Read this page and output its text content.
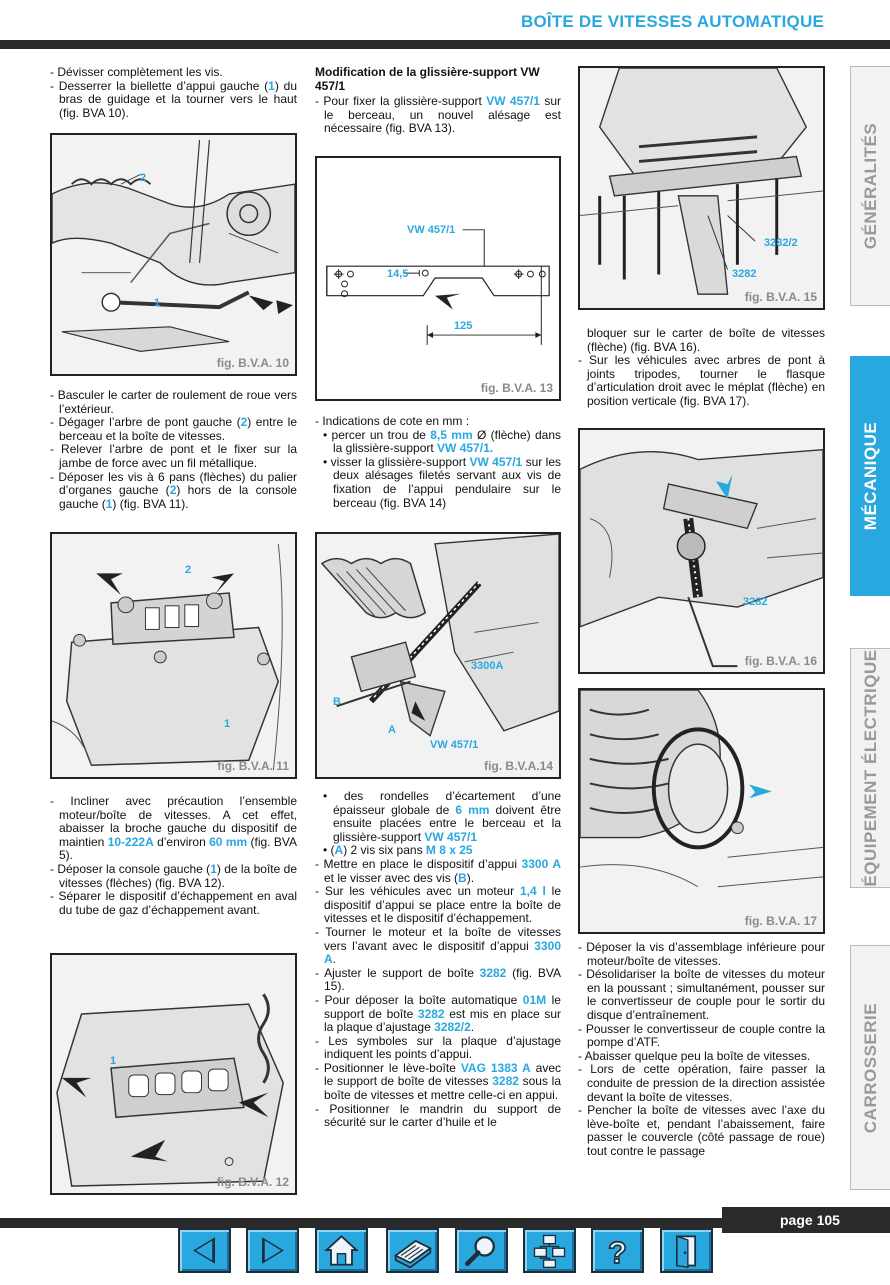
BOÎTE DE VITESSES AUTOMATIQUE

- Dévisser complètement les vis.

- Desserrer la biellette d’appui gauche (1) du bras de guidage et la tourner vers le haut (fig. BVA 10).

2
1
fig. B.V.A. 10

- Basculer le carter de roulement de roue vers l’extérieur.

- Dégager l’arbre de pont gauche (2) entre le berceau et la boîte de vitesses.

- Relever l’arbre de pont et le fixer sur la jambe de force avec un fil métallique.

- Déposer les vis à 6 pans (flèches) du palier d’organes gauche (2) hors de la console gauche (1) (fig. BVA 11).

2
1
fig. B.V.A. 11

- Incliner avec précaution l’ensemble moteur/boîte de vitesses. A cet effet, abaisser la broche gauche du dispositif de maintien 10-222A d’environ 60 mm (fig. BVA 5).

- Déposer la console gauche (1) de la boîte de vitesses (flèches) (fig. BVA 12).

- Séparer le dispositif d’échappement en aval du tube de gaz d’échappement avant.

1
fig. B.V.A. 12

Modification de la glissière-support VW 457/1

- Pour fixer la glissière-support VW 457/1 sur le berceau, un nouvel alésage est nécessaire (fig. BVA 13).

VW 457/1
14,5
125
fig. B.V.A. 13

- Indications de cote en mm :

• percer un trou de 8,5 mm Ø (flèche) dans la glissière-support VW 457/1.

• visser la glissière-support VW 457/1 sur les deux alésages filetés servant aux vis de fixation de l’appui pendulaire sur le berceau (fig. BVA 14)

3300A
B
A
VW 457/1
fig. B.V.A.14

• des rondelles d’écartement d’une épaisseur globale de 6 mm doivent être ensuite placées entre le berceau et la glissière-support VW 457/1

• (A) 2 vis six pans M 8 x 25

- Mettre en place le dispositif d’appui 3300 A et le visser avec des vis (B).

- Sur les véhicules avec un moteur 1,4 l le dispositif d’appui se place entre la boîte de vitesses et le dispositif d’échappement.

- Tourner le moteur et la boîte de vitesses vers l’avant avec le dispositif d’appui 3300 A.

- Ajuster le support de boîte 3282 (fig. BVA 15).

- Pour déposer la boîte automatique 01M le support de boîte 3282 est mis en place sur la plaque d’ajustage 3282/2.

- Les symboles sur la plaque d’ajustage indiquent les points d’appui.

- Positionner le lève-boîte VAG 1383 A avec le support de boîte de vitesses 3282 sous la boîte de vitesses et mettre celle-ci en appui.

- Positionner le mandrin du support de sécurité sur le carter d’huile et le

3282/2
3282
fig. B.V.A. 15

bloquer sur le carter de boîte de vitesses (flèche) (fig. BVA 16).

- Sur les véhicules avec arbres de pont à joints tripodes, tourner le flasque d’articulation droit avec le méplat (flèche) en position verticale (fig. BVA 17).

3282
fig. B.V.A. 16
fig. B.V.A. 17

- Déposer la vis d’assemblage inférieure pour moteur/boîte de vitesses.

- Désolidariser la boîte de vitesses du moteur en la poussant ; simultanément, pousser sur le convertisseur de couple pour le sortir du disque d’entraînement.

- Pousser le convertisseur de couple contre la pompe d’ATF.

- Abaisser quelque peu la boîte de vitesses.

- Lors de cette opération, faire passer la conduite de pression de la direction assistée devant la boîte de vitesses.

- Pencher la boîte de vitesses avec l’axe du lève-boîte et, pendant l’abaissement, faire passer le couvercle (côté passage de roue) tout contre le passage

GÉNÉRALITÉS
MÉCANIQUE
ÉQUIPEMENT ÉLECTRIQUE
CARROSSERIE
page 105
?
